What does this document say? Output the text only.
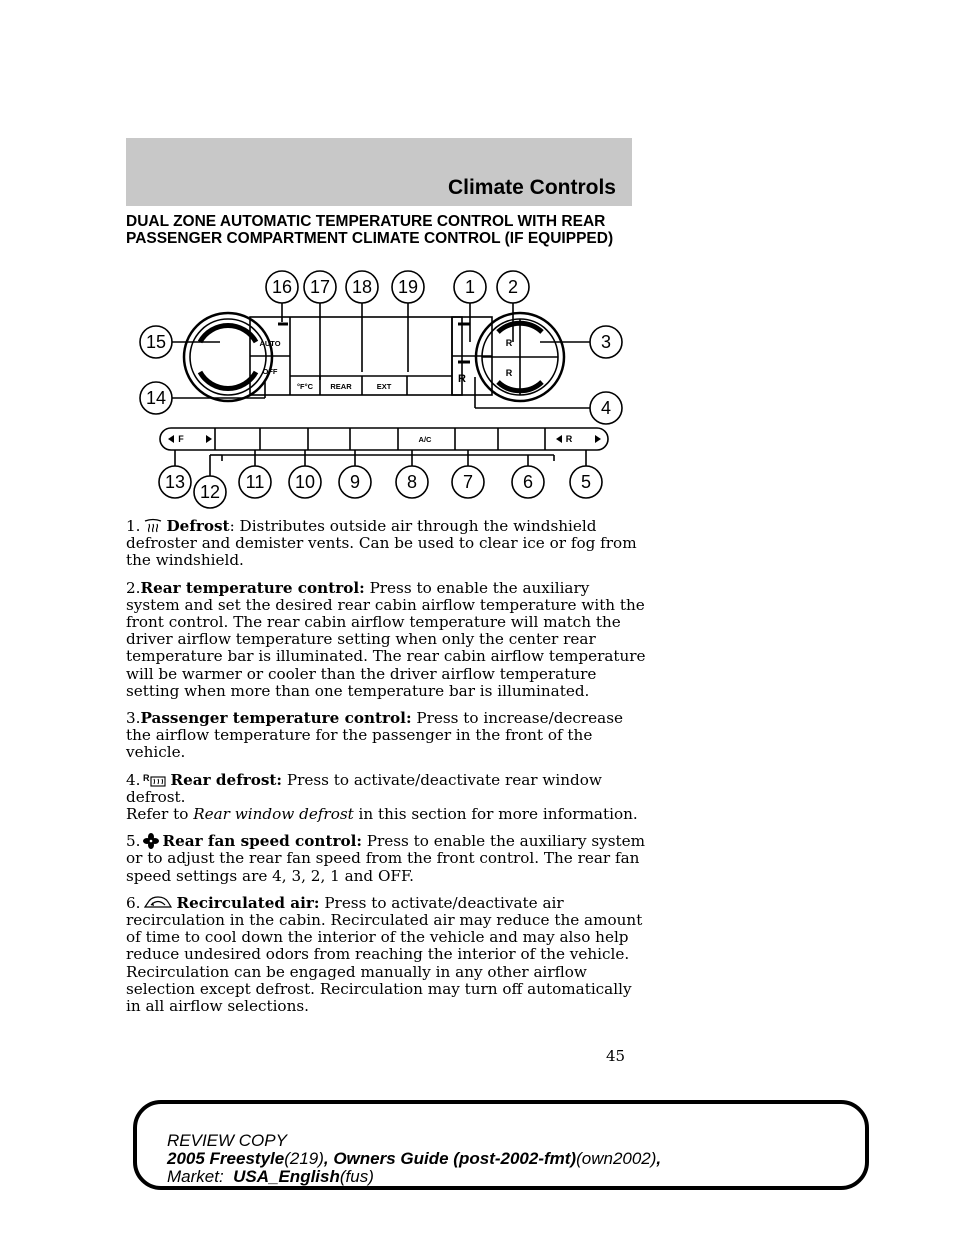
Climate Controls
DUAL ZONE AUTOMATIC TEMPERATURE CONTROL WITH REAR
PASSENGER COMPARTMENT CLIMATE CONTROL (IF EQUIPPED)
AUTO
OFF
°F°C REAR	EXT
A/C
F	R
R
R
R
16 17 18 19	1 2
15
14
3
4
13 12 11 10 9	8	7	6	5

1. Defrost: Distributes outside air through the windshield defroster and demister vents. Can be used to clear ice or fog from the windshield.

2.Rear temperature control: Press to enable the auxiliary system and set the desired rear cabin airflow temperature with the front control. The rear cabin airflow temperature will match the driver airflow temperature setting when only the center rear temperature bar is illuminated. The rear cabin airflow temperature will be warmer or cooler than the driver airflow temperature setting when more than one temperature bar is illuminated.

3.Passenger temperature control: Press to increase/decrease the airflow temperature for the passenger in the front of the vehicle.

4. R Rear defrost: Press to activate/deactivate rear window defrost.
Refer to Rear window defrost in this section for more information.

5. Rear fan speed control: Press to enable the auxiliary system or to adjust the rear fan speed from the front control. The rear fan speed settings are 4, 3, 2, 1 and OFF.

6. Recirculated air: Press to activate/deactivate air recirculation in the cabin. Recirculated air may reduce the amount of time to cool down the interior of the vehicle and may also help reduce undesired odors from reaching the interior of the vehicle. Recirculation can be engaged manually in any other airflow selection except defrost. Recirculation may turn off automatically in all airflow selections.

45
REVIEW COPY
2005 Freestyle(219), Owners Guide (post-2002-fmt)(own2002),
Market:  USA_English(fus)
